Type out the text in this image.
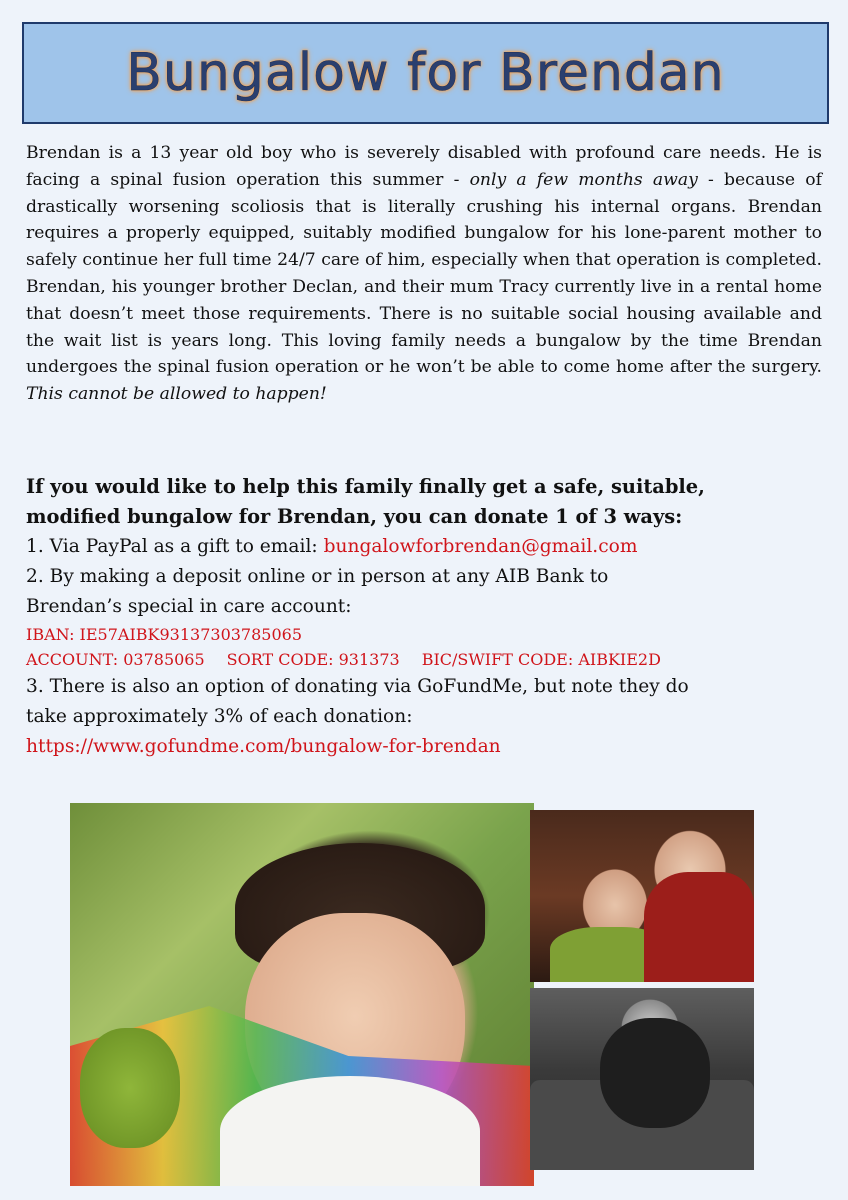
Bungalow for Brendan

Brendan is a 13 year old boy who is severely disabled with profound care needs. He is facing a spinal fusion operation this summer - only a few months away - because of drastically worsening scoliosis that is literally crushing his internal organs. Brendan requires a properly equipped, suitably modified bungalow for his lone-parent mother to safely continue her full time 24/7 care of him, especially when that operation is completed. Brendan, his younger brother Declan, and their mum Tracy currently live in a rental home that doesn’t meet those requirements. There is no suitable social housing available and the wait list is years long. This loving family needs a bungalow by the time Brendan undergoes the spinal fusion operation or he won’t be able to come home after the surgery. This cannot be allowed to happen!

If you would like to help this family finally get a safe, suitable,
modified bungalow for Brendan, you can donate 1 of 3 ways:
1. Via PayPal as a gift to email: bungalowforbrendan@gmail.com
2. By making a deposit online or in person at any AIB Bank to
Brendan’s special in care account:
IBAN: IE57AIBK93137303785065
ACCOUNT: 03785065 SORT CODE: 931373 BIC/SWIFT CODE: AIBKIE2D
3. There is also an option of donating via GoFundMe, but note they do
take approximately 3% of each donation:
https://www.gofundme.com/bungalow-for-brendan
